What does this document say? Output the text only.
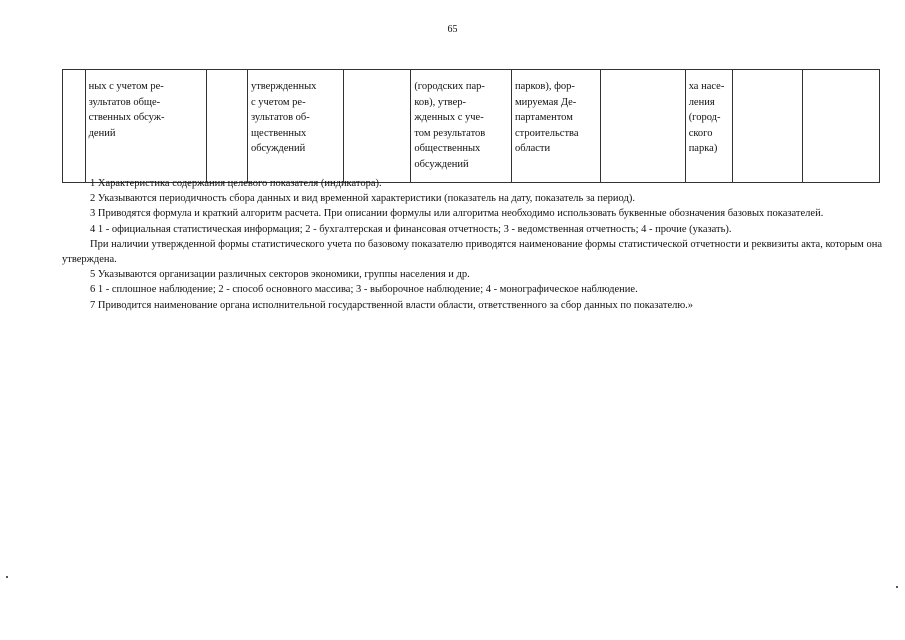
65
	ных с учетом ре-
зультатов обще-
ственных обсуж-
дений		утвержденных
с учетом ре-
зультатов об-
щественных
обсуждений		(городских пар-
ков), утвер-
жденных с уче-
том результатов
общественных
обсуждений	парков), фор-
мируемая Де-
партаментом
строительства
области		ха насе-
ления
(город-
ского
парка)		

1 Характеристика содержания целевого показателя (индикатора).

2 Указываются периодичность сбора данных и вид временной характеристики (показатель на дату, показатель за период).

3 Приводятся формула и краткий алгоритм расчета. При описании формулы или алгоритма необходимо использовать буквенные обозначения базовых показателей.

4 1 - официальная статистическая информация; 2 - бухгалтерская и финансовая отчетность; 3 - ведомственная отчетность; 4 - прочие (указать).

При наличии утвержденной формы статистического учета по базовому показателю приводятся наименование формы статистической отчетности и реквизиты акта, которым она утверждена.

5 Указываются организации различных секторов экономики, группы населения и др.

6 1 - сплошное наблюдение; 2 - способ основного массива; 3 - выборочное наблюдение; 4 - монографическое наблюдение.

7 Приводится наименование органа исполнительной государственной власти области, ответственного за сбор данных по показателю.»
